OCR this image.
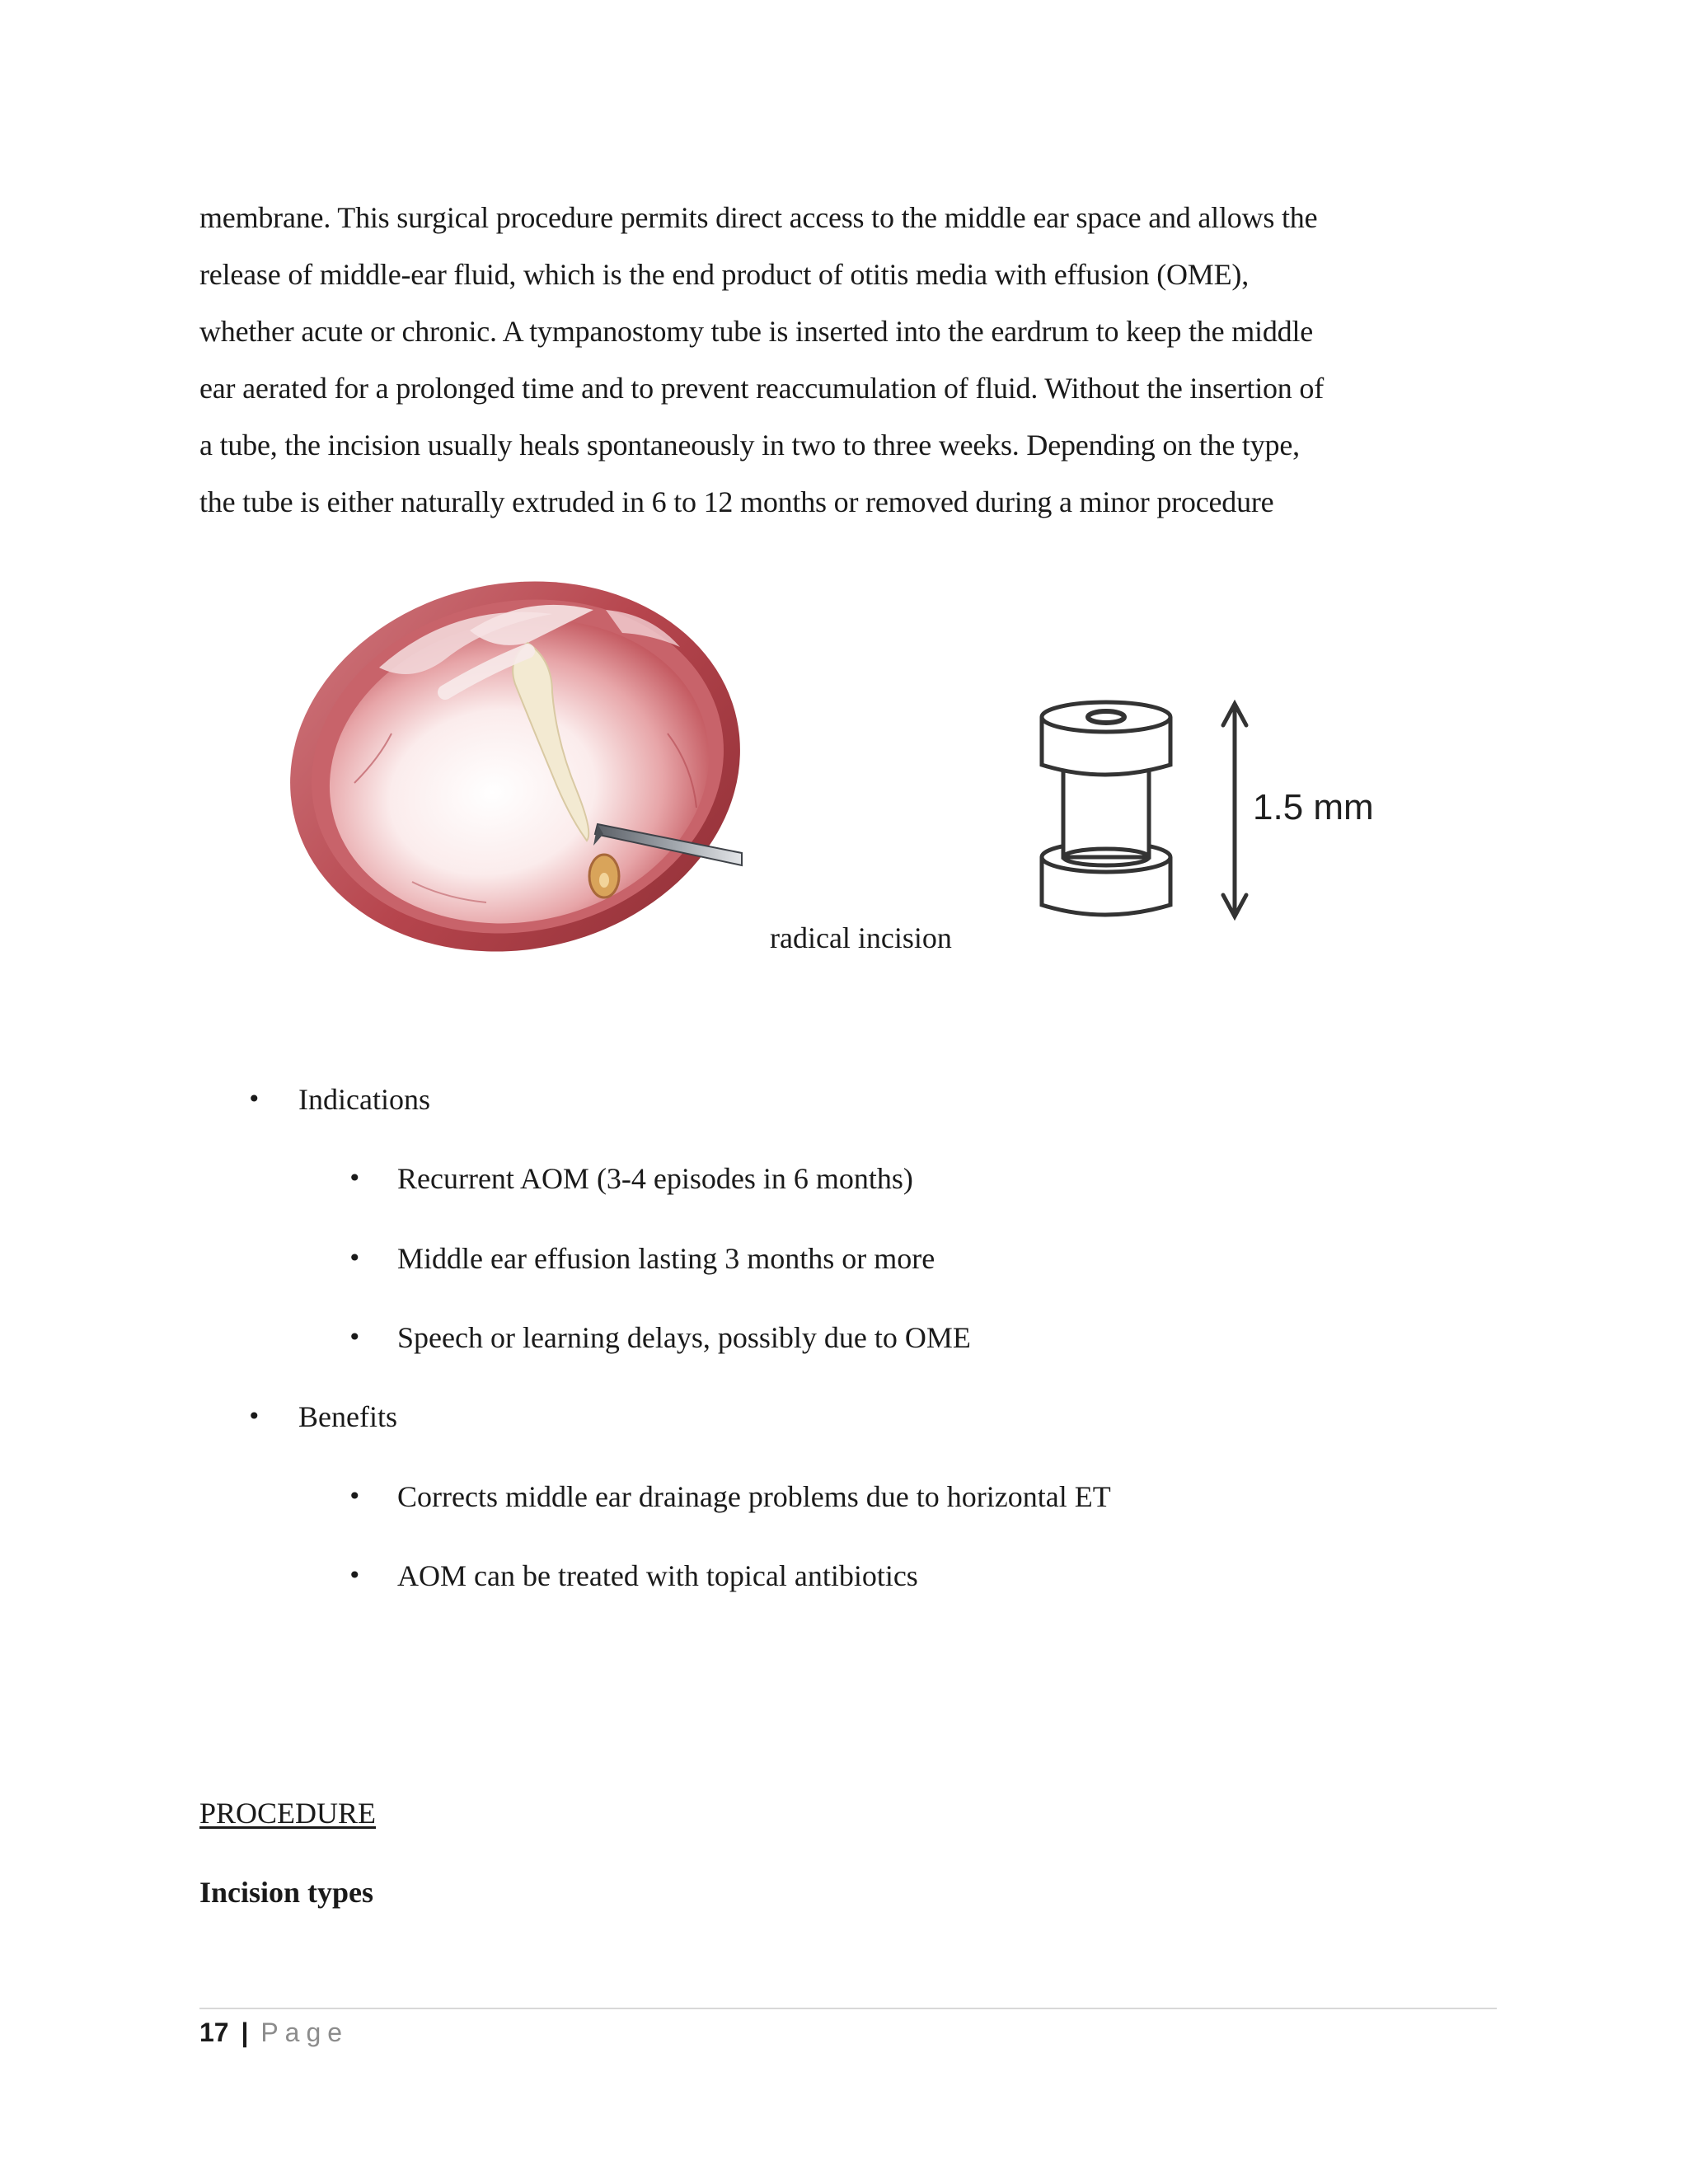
membrane. This surgical procedure permits direct access to the middle ear space and allows the
release of middle-ear fluid, which is the end product of otitis media with effusion (OME),
whether acute or chronic. A tympanostomy tube is inserted into the eardrum to keep the middle
ear aerated for a prolonged time and to prevent reaccumulation of fluid. Without the insertion of
a tube, the incision usually heals spontaneously in two to three weeks. Depending on the type,
the tube is either naturally extruded in 6 to 12 months or removed during a minor procedure
1.5 mm
radical incision
• Indications
• Recurrent AOM (3-4 episodes in 6 months)
• Middle ear effusion lasting 3 months or more
• Speech or learning delays, possibly due to OME
• Benefits
• Corrects middle ear drainage problems due to horizontal ET
• AOM can be treated with topical antibiotics
PROCEDURE
Incision types
17 | Page
